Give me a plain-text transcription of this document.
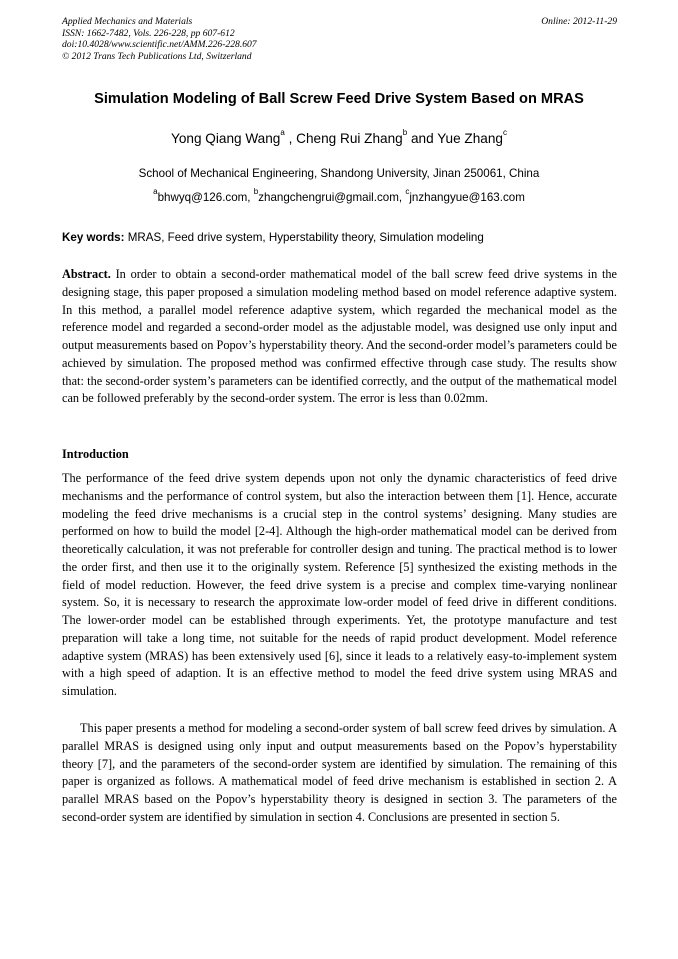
Applied Mechanics and Materials
ISSN: 1662-7482, Vols. 226-228, pp 607-612
doi:10.4028/www.scientific.net/AMM.226-228.607
© 2012 Trans Tech Publications Ltd, Switzerland
Online: 2012-11-29
Simulation Modeling of Ball Screw Feed Drive System Based on MRAS
Yong Qiang Wang$^a$ , Cheng Rui Zhang$^b$ and Yue Zhang$^c$
School of Mechanical Engineering, Shandong University, Jinan 250061, China
$^a$bhwyq@126.com, $^b$zhangchengrui@gmail.com, $^c$jnzhangyue@163.com
Key words: MRAS, Feed drive system, Hyperstability theory, Simulation modeling

Abstract. In order to obtain a second-order mathematical model of the ball screw feed drive systems in the designing stage, this paper proposed a simulation modeling method based on model reference adaptive system. In this method, a parallel model reference adaptive system, which regarded the mechanical model as the reference model and regarded a second-order model as the adjustable model, was designed use only input and output measurements based on Popov’s hyperstability theory. And the second-order model’s parameters could be achieved by simulation. The proposed method was confirmed effective through case study. The results show that: the second-order system’s parameters can be identified correctly, and the output of the mathematical model can be followed preferably by the second-order system. The error is less than 0.02mm.

Introduction

The performance of the feed drive system depends upon not only the dynamic characteristics of feed drive mechanisms and the performance of control system, but also the interaction between them [1]. Hence, accurate modeling the feed drive mechanisms is a crucial step in the control systems’ designing. Many studies are performed on how to build the model [2-4]. Although the high-order mathematical model can be derived from theoretically calculation, it was not preferable for controller design and tuning. The practical method is to lower the order first, and then use it to the originally system. Reference [5] synthesized the existing methods in the field of model reduction. However, the feed drive system is a precise and complex time-varying nonlinear system. So, it is necessary to research the approximate low-order model of feed drive in different conditions. The lower-order model can be established through experiments. Yet, the prototype manufacture and test preparation will take a long time, not suitable for the needs of rapid product development. Model reference adaptive system (MRAS) has been extensively used [6], since it leads to a relatively easy-to-implement system with a high speed of adaption. It is an effective method to model the feed drive system using MRAS and simulation.

This paper presents a method for modeling a second-order system of ball screw feed drives by simulation. A parallel MRAS is designed using only input and output measurements based on the Popov’s hyperstability theory [7], and the parameters of the second-order system are identified by simulation. The remaining of this paper is organized as follows. A mathematical model of feed drive mechanism is established in section 2. A parallel MRAS based on the Popov’s hyperstability theory is designed in section 3. The parameters of the second-order system are identified by simulation in section 4. Conclusions are presented in section 5.
